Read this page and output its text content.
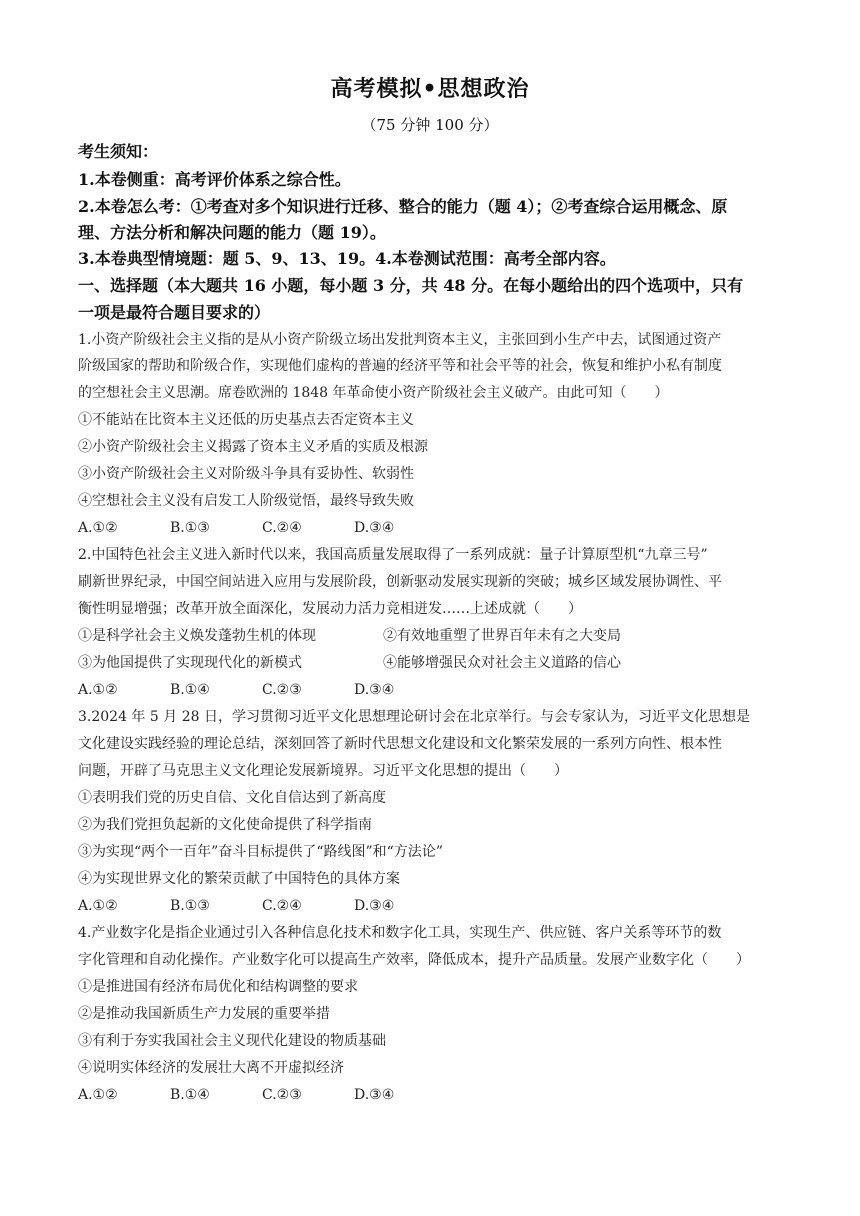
高考模拟•思想政治
（75 分钟 100 分）
考生须知：
1.本卷侧重：高考评价体系之综合性。
2.本卷怎么考：①考查对多个知识进行迁移、整合的能力（题 4）；②考查综合运用概念、原
理、方法分析和解决问题的能力（题 19）。
3.本卷典型情境题：题 5、9、13、19。4.本卷测试范围：高考全部内容。
一、选择题（本大题共 16 小题，每小题 3 分，共 48 分。在每小题给出的四个选项中，只有
一项是最符合题目要求的）
1.小资产阶级社会主义指的是从小资产阶级立场出发批判资本主义，主张回到小生产中去，试图通过资产
阶级国家的帮助和阶级合作，实现他们虚构的普遍的经济平等和社会平等的社会，恢复和维护小私有制度
的空想社会主义思潮。席卷欧洲的 1848 年革命使小资产阶级社会主义破产。由此可知（　　）
①不能站在比资本主义还低的历史基点去否定资本主义
②小资产阶级社会主义揭露了资本主义矛盾的实质及根源
③小资产阶级社会主义对阶级斗争具有妥协性、软弱性
④空想社会主义没有启发工人阶级觉悟，最终导致失败
A.①②	B.①③	C.②④	D.③④
2.中国特色社会主义进入新时代以来，我国高质量发展取得了一系列成就：量子计算原型机“九章三号”
刷新世界纪录，中国空间站进入应用与发展阶段，创新驱动发展实现新的突破；城乡区域发展协调性、平
衡性明显增强；改革开放全面深化，发展动力活力竞相迸发……上述成就（　　）
①是科学社会主义焕发蓬勃生机的体现	②有效地重塑了世界百年未有之大变局
③为他国提供了实现现代化的新模式	④能够增强民众对社会主义道路的信心
A.①②	B.①④	C.②③	D.③④
3.2024 年 5 月 28 日，学习贯彻习近平文化思想理论研讨会在北京举行。与会专家认为，习近平文化思想是
文化建设实践经验的理论总结，深刻回答了新时代思想文化建设和文化繁荣发展的一系列方向性、根本性
问题，开辟了马克思主义文化理论发展新境界。习近平文化思想的提出（　　）
①表明我们党的历史自信、文化自信达到了新高度
②为我们党担负起新的文化使命提供了科学指南
③为实现“两个一百年”奋斗目标提供了“路线图”和“方法论”
④为实现世界文化的繁荣贡献了中国特色的具体方案
A.①②	B.①③	C.②④	D.③④
4.产业数字化是指企业通过引入各种信息化技术和数字化工具，实现生产、供应链、客户关系等环节的数
字化管理和自动化操作。产业数字化可以提高生产效率，降低成本，提升产品质量。发展产业数字化（　　）
①是推进国有经济布局优化和结构调整的要求
②是推动我国新质生产力发展的重要举措
③有利于夯实我国社会主义现代化建设的物质基础
④说明实体经济的发展壮大离不开虚拟经济
A.①②	B.①④	C.②③	D.③④
